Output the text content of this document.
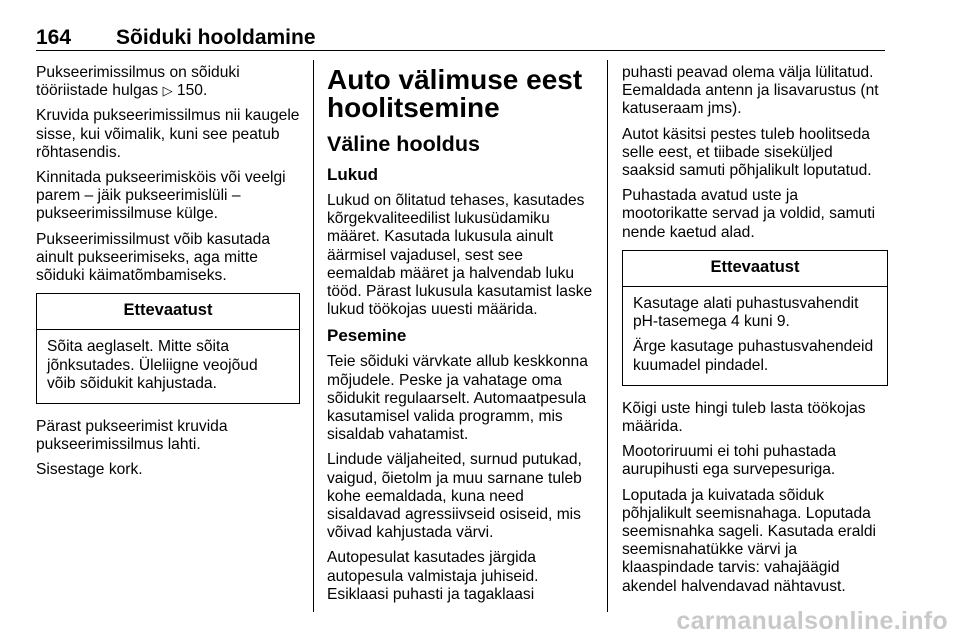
164 Sõiduki hooldamine

Pukseerimissilmus on sõiduki tööriistade hulgas ▷ 150.

Kruvida pukseerimissilmus nii kaugele sisse, kui võimalik, kuni see peatub rõhtasendis.

Kinnitada pukseerimisköis või veelgi parem – jäik pukseerimislüli – pukseerimissilmuse külge.

Pukseerimissilmust võib kasutada ainult pukseerimiseks, aga mitte sõiduki käimatõmbamiseks.

Ettevaatust

Sõita aeglaselt. Mitte sõita jõnksutades. Üleliigne veojõud võib sõidukit kahjustada.

Pärast pukseerimist kruvida pukseerimissilmus lahti.

Sisestage kork.

Auto välimuse eest hoolitsemine
Väline hooldus
Lukud

Lukud on õlitatud tehases, kasutades kõrgekvaliteedilist lukusüdamiku määret. Kasutada lukusula ainult äärmisel vajadusel, sest see eemaldab määret ja halvendab luku tööd. Pärast lukusula kasutamist laske lukud töökojas uuesti määrida.

Pesemine

Teie sõiduki värvkate allub keskkonna mõjudele. Peske ja vahatage oma sõidukit regulaarselt. Automaatpesula kasutamisel valida programm, mis sisaldab vahatamist.

Lindude väljaheited, surnud putukad, vaigud, õietolm ja muu sarnane tuleb kohe eemaldada, kuna need sisaldavad agressiivseid osiseid, mis võivad kahjustada värvi.

Autopesulat kasutades järgida autopesula valmistaja juhiseid. Esiklaasi puhasti ja tagaklaasi

puhasti peavad olema välja lülitatud. Eemaldada antenn ja lisavarustus (nt katuseraam jms).

Autot käsitsi pestes tuleb hoolitseda selle eest, et tiibade siseküljed saaksid samuti põhjalikult loputatud.

Puhastada avatud uste ja mootorikatte servad ja voldid, samuti nende kaetud alad.

Ettevaatust

Kasutage alati puhastusvahendit pH-tasemega 4 kuni 9.

Ärge kasutage puhastusvahendeid kuumadel pindadel.

Kõigi uste hingi tuleb lasta töökojas määrida.

Mootoriruumi ei tohi puhastada aurupihusti ega survepesuriga.

Loputada ja kuivatada sõiduk põhjalikult seemisnahaga. Loputada seemisnahka sageli. Kasutada eraldi seemisnahatükke värvi ja klaaspindade tarvis: vahajäägid akendel halvendavad nähtavust.

carmanualsonline.info
